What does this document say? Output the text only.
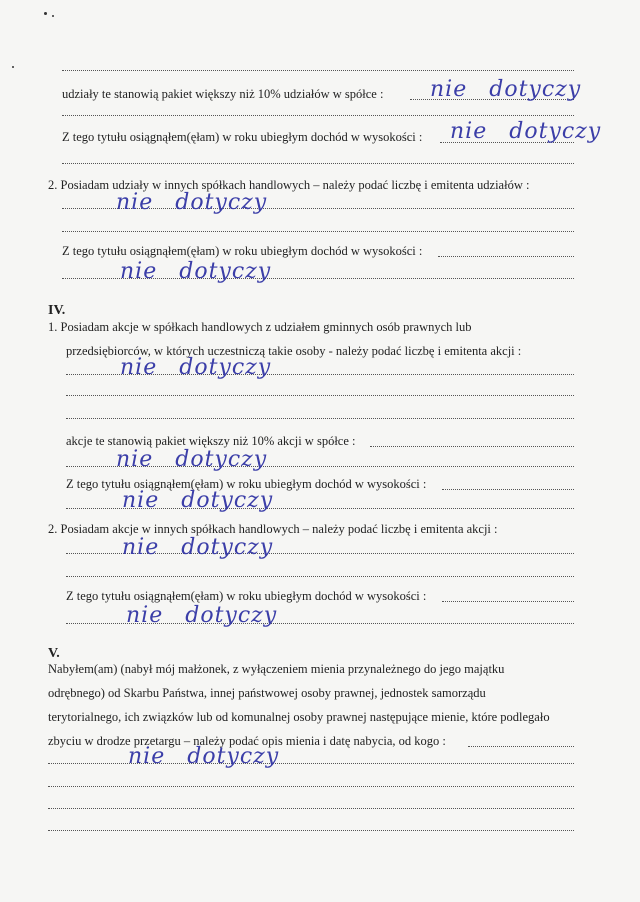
udziały te stanowią pakiet większy niż 10% udziałów w spółce : nie dotyczy
Z tego tytułu osiągnąłem(ęłam) w roku ubiegłym dochód w wysokości : nie dotyczy
2. Posiadam udziały w innych spółkach handlowych – należy podać liczbę i emitenta udziałów :
nie dotyczy
Z tego tytułu osiągnąłem(ęłam) w roku ubiegłym dochód w wysokości :
nie dotyczy
IV.
1. Posiadam akcje w spółkach handlowych z udziałem gminnych osób prawnych lub
przedsiębiorców, w których uczestniczą takie osoby - należy podać liczbę i emitenta akcji :
nie dotyczy
akcje te stanowią pakiet większy niż 10% akcji w spółce :
nie dotyczy
Z tego tytułu osiągnąłem(ęłam) w roku ubiegłym dochód w wysokości :
nie dotyczy
2. Posiadam akcje w innych spółkach handlowych – należy podać liczbę i emitenta akcji :
nie dotyczy
Z tego tytułu osiągnąłem(ęłam) w roku ubiegłym dochód w wysokości :
nie dotyczy
V.
Nabyłem(am) (nabył mój małżonek, z wyłączeniem mienia przynależnego do jego majątku
odrębnego) od Skarbu Państwa, innej państwowej osoby prawnej, jednostek samorządu
terytorialnego, ich związków lub od komunalnej osoby prawnej następujące mienie, które podlegało
zbyciu w drodze przetargu – należy podać opis mienia i datę nabycia, od kogo :
nie dotyczy
